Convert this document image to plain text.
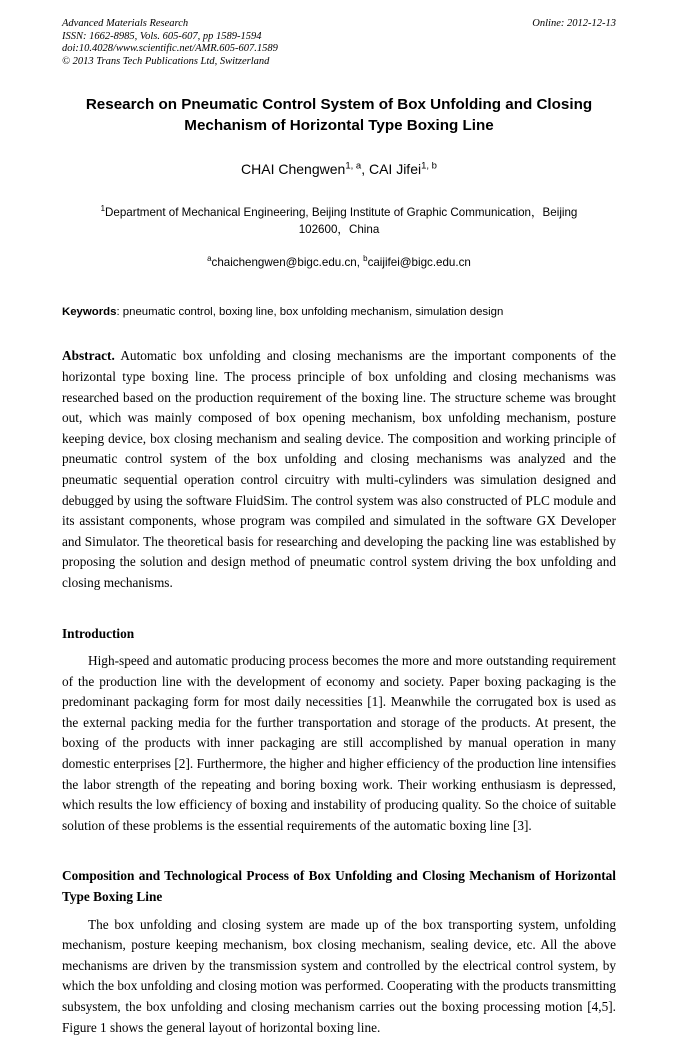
Advanced Materials Research
ISSN: 1662-8985, Vols. 605-607, pp 1589-1594
doi:10.4028/www.scientific.net/AMR.605-607.1589
© 2013 Trans Tech Publications Ltd, Switzerland
Online: 2012-12-13
Research on Pneumatic Control System of Box Unfolding and Closing
Mechanism of Horizontal Type Boxing Line
CHAI Chengwen$^{1, a}$, CAI Jifei$^{1, b}$
$^1$Department of Mechanical Engineering, Beijing Institute of Graphic Communication，Beijing 102600，China
$^a$chaichengwen@bigc.edu.cn, $^b$caijifei@bigc.edu.cn
Keywords: pneumatic control, boxing line, box unfolding mechanism, simulation design
Abstract. Automatic box unfolding and closing mechanisms are the important components of the horizontal type boxing line. The process principle of box unfolding and closing mechanisms was researched based on the production requirement of the boxing line. The structure scheme was brought out, which was mainly composed of box opening mechanism, box unfolding mechanism, posture keeping device, box closing mechanism and sealing device. The composition and working principle of pneumatic control system of the box unfolding and closing mechanisms was analyzed and the pneumatic sequential operation control circuitry with multi-cylinders was simulation designed and debugged by using the software FluidSim. The control system was also constructed of PLC module and its assistant components, whose program was compiled and simulated in the software GX Developer and Simulator. The theoretical basis for researching and developing the packing line was established by proposing the solution and design method of pneumatic control system driving the box unfolding and closing mechanisms.
Introduction
High-speed and automatic producing process becomes the more and more outstanding requirement of the production line with the development of economy and society. Paper boxing packaging is the predominant packaging form for most daily necessities [1]. Meanwhile the corrugated box is used as the external packing media for the further transportation and storage of the products. At present, the boxing of the products with inner packaging are still accomplished by manual operation in many domestic enterprises [2]. Furthermore, the higher and higher efficiency of the production line intensifies the labor strength of the repeating and boring boxing work. Their working enthusiasm is depressed, which results the low efficiency of boxing and instability of producing quality. So the choice of suitable solution of these problems is the essential requirements of the automatic boxing line [3].
Composition and Technological Process of Box Unfolding and Closing Mechanism of Horizontal Type Boxing Line
The box unfolding and closing system are made up of the box transporting system, unfolding mechanism, posture keeping mechanism, box closing mechanism, sealing device, etc. All the above mechanisms are driven by the transmission system and controlled by the electrical control system, by which the box unfolding and closing motion was performed. Cooperating with the products transmitting subsystem, the box unfolding and closing mechanism carries out the boxing processing motion [4,5]. Figure 1 shows the general layout of horizontal boxing line.
